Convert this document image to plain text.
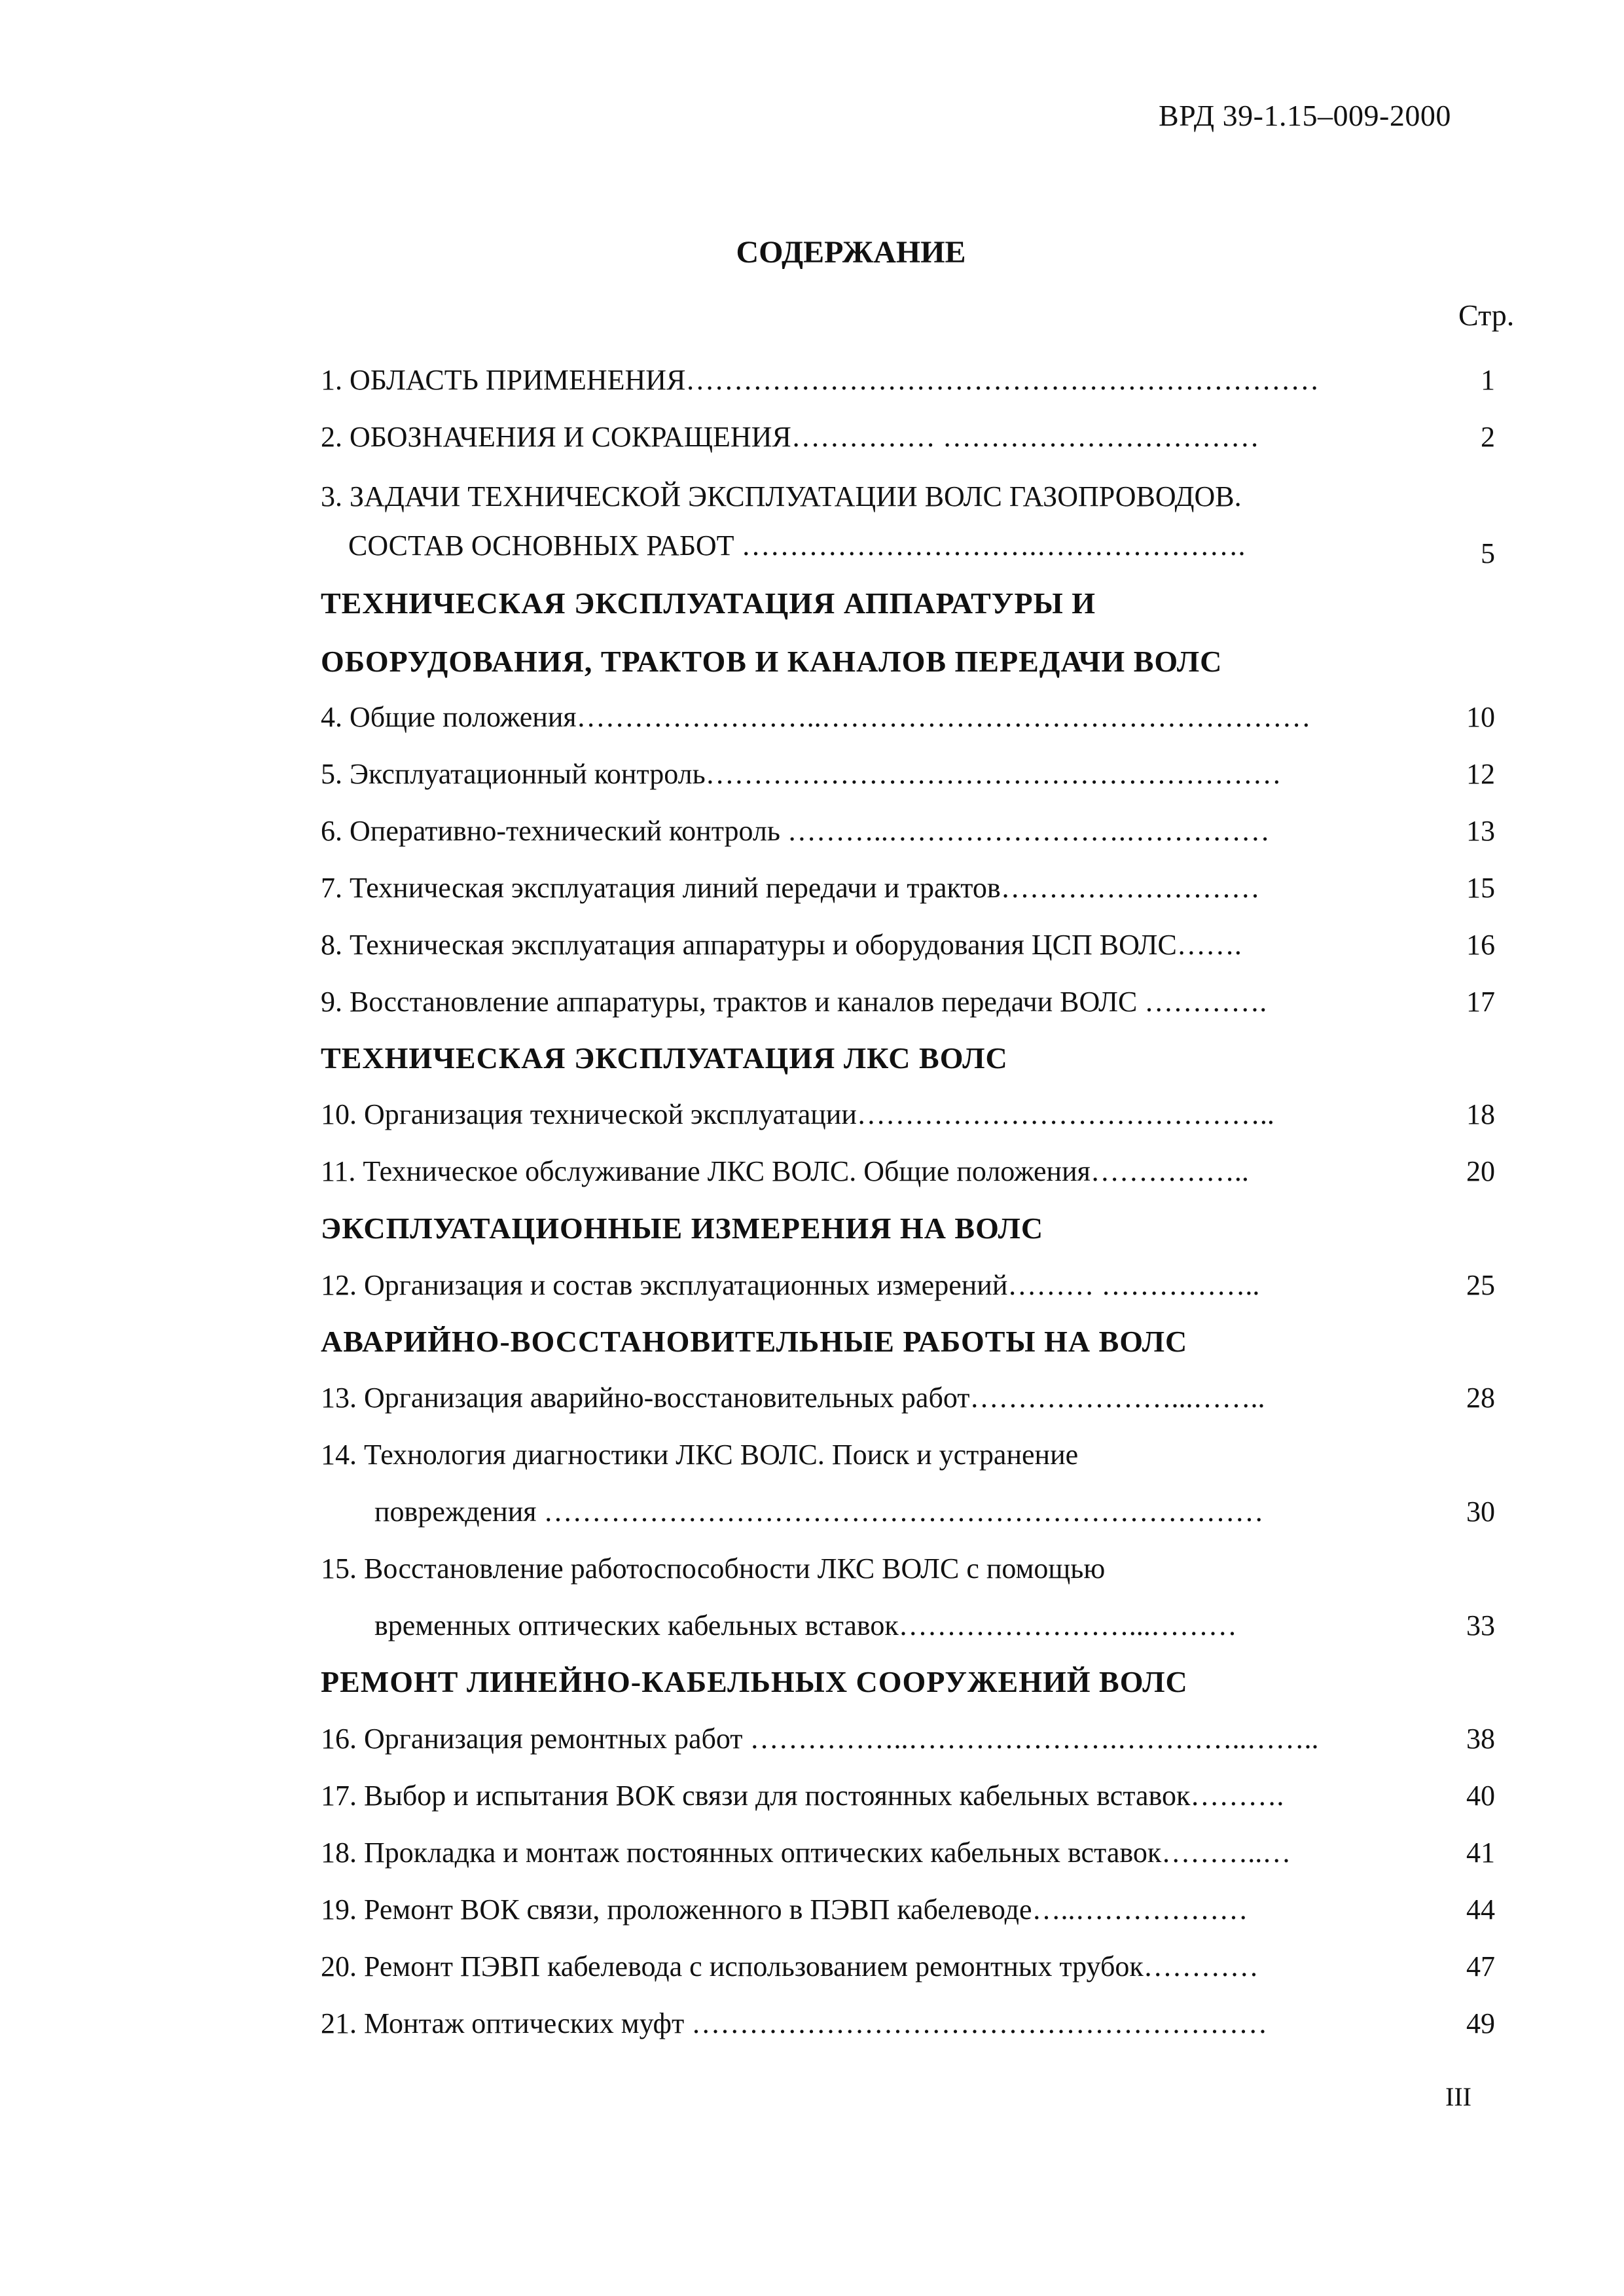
ВРД 39-1.15–009-2000
СОДЕРЖАНИЕ
Стр.
1. ОБЛАСТЬ ПРИМЕНЕНИЯ…………………………………………………………	1
2. ОБОЗНАЧЕНИЯ И СОКРАЩЕНИЯ…………… ……………………………	2
3. ЗАДАЧИ ТЕХНИЧЕСКОЙ ЭКСПЛУАТАЦИИ ВОЛС ГАЗОПРОВОДОВ.
СОСТАВ ОСНОВНЫХ РАБОТ ………………………….………………….	5
ТЕХНИЧЕСКАЯ ЭКСПЛУАТАЦИЯ АППАРАТУРЫ И
ОБОРУДОВАНИЯ, ТРАКТОВ И КАНАЛОВ ПЕРЕДАЧИ ВОЛС
4. Общие положения……………………..……………………………………………	10
5. Эксплуатационный контроль……………………………………………………	12
6. Оперативно-технический контроль ………..…………………….……………	13
7. Техническая эксплуатация линий передачи и трактов………………………	15
8. Техническая эксплуатация аппаратуры и оборудования ЦСП ВОЛС…….	16
9. Восстановление аппаратуры, трактов и каналов передачи ВОЛС ………….	17
ТЕХНИЧЕСКАЯ ЭКСПЛУАТАЦИЯ ЛКС ВОЛС
10. Организация технической эксплуатации……………………………………..	18
11. Техническое обслуживание ЛКС ВОЛС. Общие положения……………..	20
ЭКСПЛУАТАЦИОННЫЕ ИЗМЕРЕНИЯ НА ВОЛС
12. Организация и состав эксплуатационных измерений……… ……………..	25
АВАРИЙНО-ВОССТАНОВИТЕЛЬНЫЕ РАБОТЫ НА ВОЛС
13. Организация аварийно-восстановительных работ…………………...……..	28
14. Технология диагностики ЛКС ВОЛС. Поиск и устранение
повреждения …………………………………………………………………	30
15. Восстановление работоспособности ЛКС ВОЛС с помощью
временных оптических кабельных вставок……………………...………	33
РЕМОНТ ЛИНЕЙНО-КАБЕЛЬНЫХ СООРУЖЕНИЙ ВОЛС
16. Организация ремонтных работ ……………..………………….…………..……..	38
17. Выбор и испытания ВОК связи для постоянных кабельных вставок……….	40
18. Прокладка и монтаж постоянных оптических кабельных вставок………..…	41
19. Ремонт ВОК связи, проложенного в ПЭВП кабелеводе…..………………	44
20. Ремонт ПЭВП кабелевода с использованием ремонтных трубок…………	47
21. Монтаж оптических муфт ……………………………………………………	49
III
